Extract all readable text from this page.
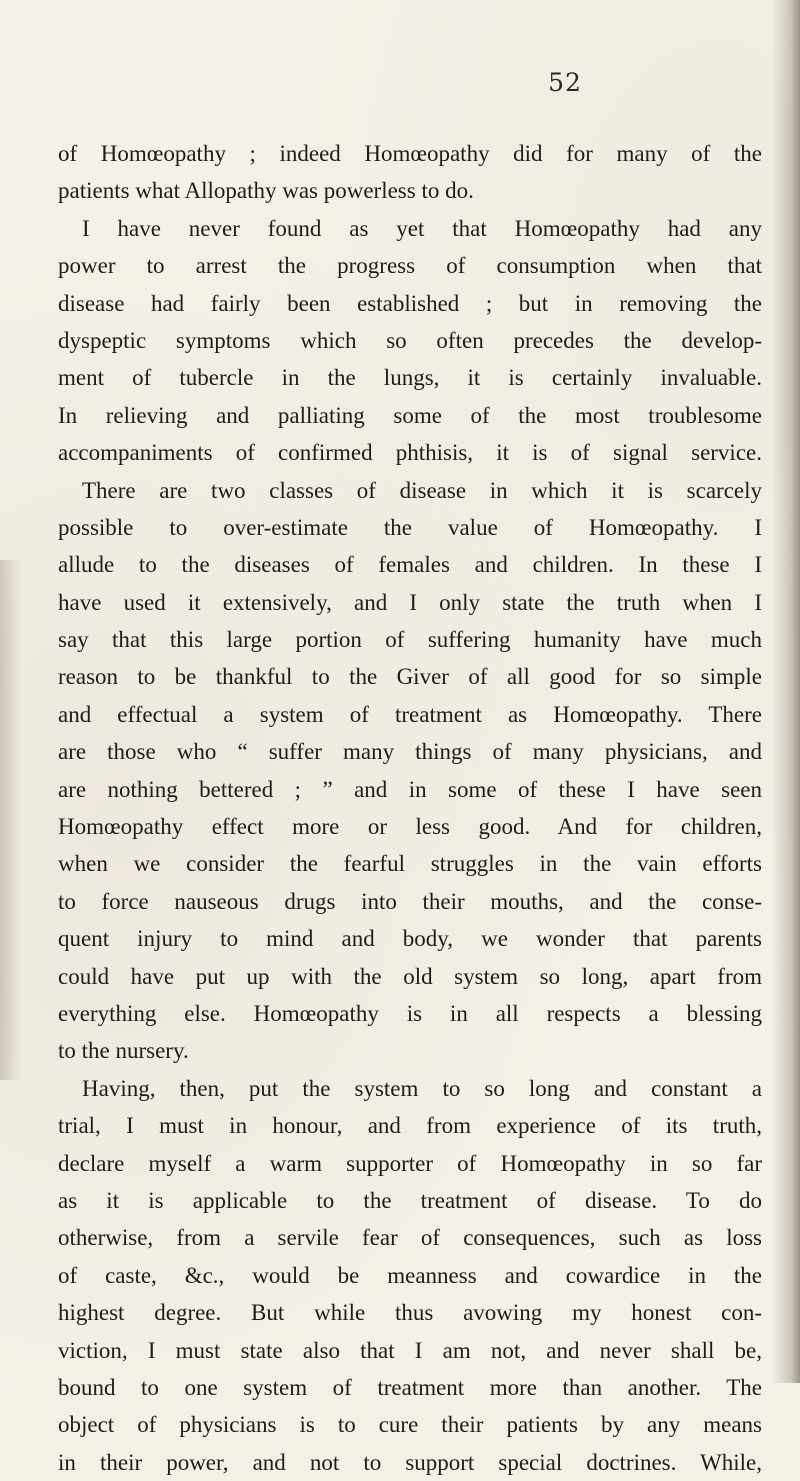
52
of Homœopathy ; indeed Homœopathy did for many of the
patients what Allopathy was powerless to do.
I have never found as yet that Homœopathy had any
power to arrest the progress of consumption when that
disease had fairly been established ; but in removing the
dyspeptic symptoms which so often precedes the develop-
ment of tubercle in the lungs, it is certainly invaluable.
In relieving and palliating some of the most troublesome
accompaniments of confirmed phthisis, it is of signal service.
There are two classes of disease in which it is scarcely
possible to over-estimate the value of Homœopathy. I
allude to the diseases of females and children. In these I
have used it extensively, and I only state the truth when I
say that this large portion of suffering humanity have much
reason to be thankful to the Giver of all good for so simple
and effectual a system of treatment as Homœopathy. There
are those who “ suffer many things of many physicians, and
are nothing bettered ; ” and in some of these I have seen
Homœopathy effect more or less good. And for children,
when we consider the fearful struggles in the vain efforts
to force nauseous drugs into their mouths, and the conse-
quent injury to mind and body, we wonder that parents
could have put up with the old system so long, apart from
everything else. Homœopathy is in all respects a blessing
to the nursery.
Having, then, put the system to so long and constant a
trial, I must in honour, and from experience of its truth,
declare myself a warm supporter of Homœopathy in so far
as it is applicable to the treatment of disease. To do
otherwise, from a servile fear of consequences, such as loss
of caste, &c., would be meanness and cowardice in the
highest degree. But while thus avowing my honest con-
viction, I must state also that I am not, and never shall be,
bound to one system of treatment more than another. The
object of physicians is to cure their patients by any means
in their power, and not to support special doctrines. While,
